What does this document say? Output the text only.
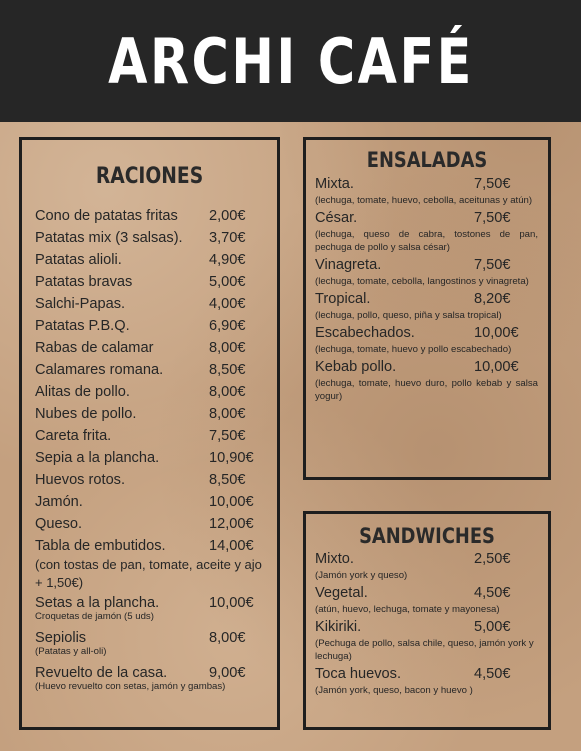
ARCHI CAFÉ
RACIONES
Cono de patatas fritas	2,00€
Patatas mix (3 salsas).	3,70€
Patatas alioli.	4,90€
Patatas bravas	5,00€
Salchi-Papas.	4,00€
Patatas P.B.Q.	6,90€
Rabas de calamar	8,00€
Calamares romana.	8,50€
Alitas de pollo.	8,00€
Nubes de pollo.	8,00€
Careta frita.	7,50€
Sepia a la plancha.	10,90€
Huevos rotos.	8,50€
Jamón.	10,00€
Queso.	12,00€
Tabla de embutidos.	14,00€
(con tostas de pan, tomate, aceite y ajo + 1,50€)
Setas a la plancha.	10,00€
Croquetas de jamón (5 uds)
Sepiolis	8,00€
(Patatas y all-oli)
Revuelto de la casa.	9,00€
(Huevo revuelto con setas, jamón y gambas)
ENSALADAS
Mixta.	7,50€
(lechuga, tomate, huevo, cebolla, aceitunas y atún)
César.	7,50€
(lechuga, queso de cabra, tostones de pan, pechuga de pollo y salsa césar)
Vinagreta.	7,50€
(lechuga, tomate, cebolla, langostinos y vinagreta)
Tropical.	8,20€
(lechuga, pollo, queso, piña y salsa tropical)
Escabechados.	10,00€
(lechuga, tomate, huevo y pollo escabechado)
Kebab pollo.	10,00€
(lechuga, tomate, huevo duro, pollo kebab y salsa yogur)
SANDWICHES
Mixto.	2,50€
(Jamón york y queso)
Vegetal.	4,50€
(atún, huevo, lechuga, tomate y mayonesa)
Kikiriki.	5,00€
(Pechuga de pollo, salsa chile, queso, jamón york y lechuga)
Toca huevos.	4,50€
(Jamón york, queso, bacon y huevo )
